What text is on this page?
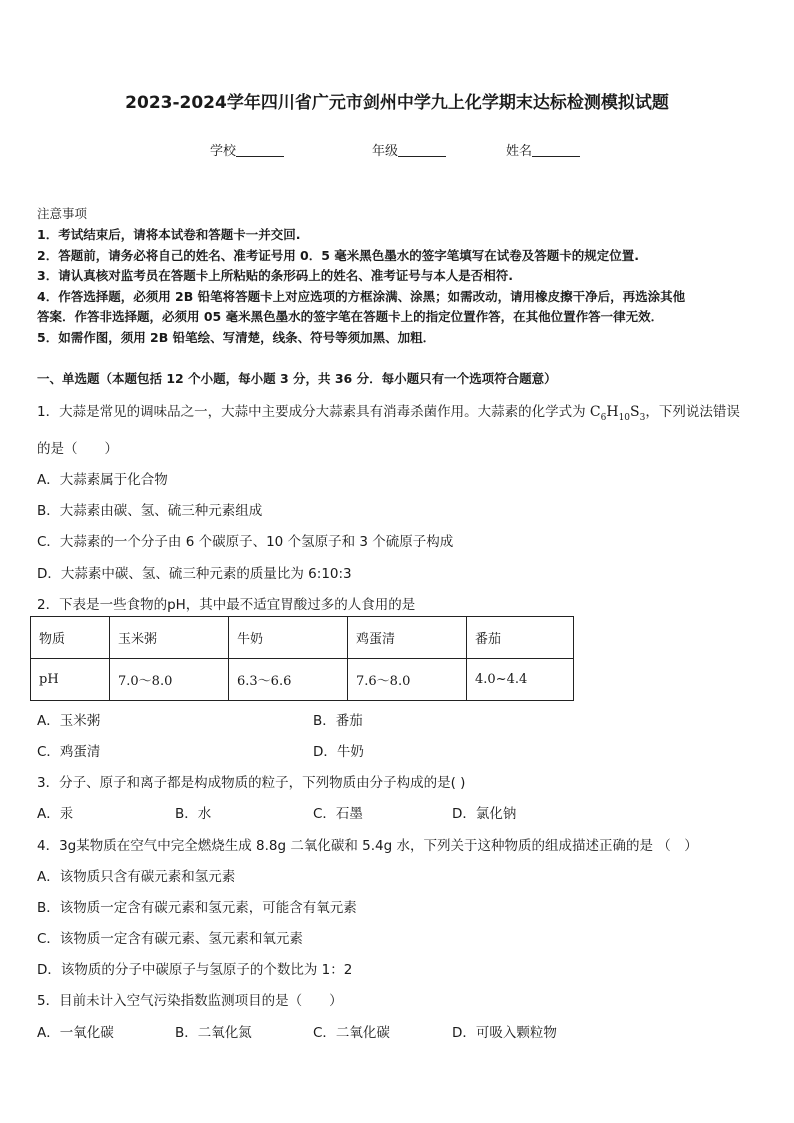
2023-2024学年四川省广元市剑州中学九上化学期末达标检测模拟试题
学校	年级	姓名
注意事项
1．考试结束后，请将本试卷和答题卡一并交回.
2．答题前，请务必将自己的姓名、准考证号用 0．5 毫米黑色墨水的签字笔填写在试卷及答题卡的规定位置.
3．请认真核对监考员在答题卡上所粘贴的条形码上的姓名、准考证号与本人是否相符.
4．作答选择题，必须用 2B 铅笔将答题卡上对应选项的方框涂满、涂黑；如需改动，请用橡皮擦干净后，再选涂其他
答案．作答非选择题，必须用 05 毫米黑色墨水的签字笔在答题卡上的指定位置作答，在其他位置作答一律无效．
5．如需作图，须用 2B 铅笔绘、写清楚，线条、符号等须加黑、加粗．
一、单选题（本题包括 12 个小题，每小题 3 分，共 36 分．每小题只有一个选项符合题意）
1．大蒜是常见的调味品之一，大蒜中主要成分大蒜素具有消毒杀菌作用。大蒜素的化学式为 $C_6H_{10}S_3$，下列说法错误
的是（　　）
A．大蒜素属于化合物
B．大蒜素由碳、氢、硫三种元素组成
C．大蒜素的一个分子由 6 个碳原子、10 个氢原子和 3 个硫原子构成
D．大蒜素中碳、氢、硫三种元素的质量比为 6:10:3
2．下表是一些食物的pH，其中最不适宜胃酸过多的人食用的是
物质	玉米粥	牛奶	鸡蛋清	番茄
pH	7.0～8.0	6.3～6.6	7.6～8.0	4.0~4.4
A．玉米粥	B．番茄
C．鸡蛋清	D．牛奶
3．分子、原子和离子都是构成物质的粒子，下列物质由分子构成的是( )
A．汞	B．水	C．石墨	D．氯化钠
4．3g某物质在空气中完全燃烧生成 8.8g 二氧化碳和 5.4g 水，下列关于这种物质的组成描述正确的是 （　）
A．该物质只含有碳元素和氢元素
B．该物质一定含有碳元素和氢元素，可能含有氧元素
C．该物质一定含有碳元素、氢元素和氧元素
D．该物质的分子中碳原子与氢原子的个数比为 1：2
5．目前未计入空气污染指数监测项目的是（　　）
A．一氧化碳	B．二氧化氮	C．二氧化碳	D．可吸入颗粒物
